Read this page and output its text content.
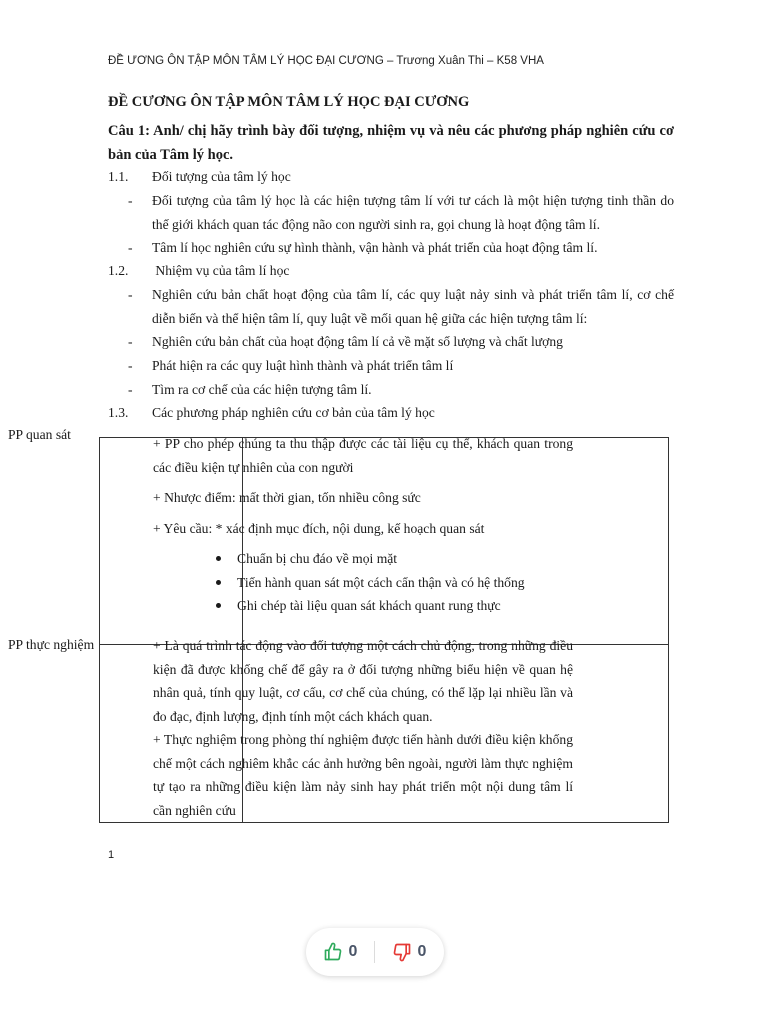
ĐỀ ƯƠNG ÔN TẬP MÔN TÂM LÝ HỌC ĐẠI CƯƠNG – Trương Xuân Thi – K58 VHA
ĐỀ CƯƠNG ÔN TẬP MÔN TÂM LÝ HỌC ĐẠI CƯƠNG
Câu 1: Anh/ chị hãy trình bày đối tượng, nhiệm vụ và nêu các phương pháp nghiên cứu cơ bản của Tâm lý học.
1.1. Đối tượng của tâm lý học
-	Đối tượng của tâm lý học là các hiện tượng tâm lí với tư cách là một hiện tượng tinh thần do thế giới khách quan tác động não con người sinh ra, gọi chung là hoạt động tâm lí.
-	Tâm lí học nghiên cứu sự hình thành, vận hành và phát triển của hoạt động tâm lí.
1.2. Nhiệm vụ của tâm lí học
-	Nghiên cứu bản chất hoạt động của tâm lí, các quy luật nảy sinh và phát triển tâm lí, cơ chế diễn biến và thể hiện tâm lí, quy luật về mối quan hệ giữa các hiện tượng tâm lí:
-	Nghiên cứu bản chất của hoạt động tâm lí cả về mặt số lượng và chất lượng
-	Phát hiện ra các quy luật hình thành và phát triển tâm lí
-	Tìm ra cơ chế của các hiện tượng tâm lí.
1.3. Các phương pháp nghiên cứu cơ bản của tâm lý học
PP quan sát

+ PP cho phép chúng ta thu thập được các tài liệu cụ thể, khách quan trong các điều kiện tự nhiên của con người

+ Nhược điểm: mất thời gian, tốn nhiều công sức

+ Yêu cầu: * xác định mục đích, nội dung, kế hoạch quan sát

Chuẩn bị chu đáo về mọi mặt
Tiến hành quan sát một cách cẩn thận và có hệ thống
Ghi chép tài liệu quan sát khách quant rung thực
PP thực nghiệm	+ Là quá trình tác động vào đối tượng một cách chủ động, trong những điều kiện đã được khống chế để gây ra ở đối tượng những biểu hiện về quan hệ nhân quả, tính quy luật, cơ cấu, cơ chế của chúng, có thể lặp lại nhiều lần và đo đạc, định lượng, định tính một cách khách quan.

+ Thực nghiệm trong phòng thí nghiệm được tiến hành dưới điều kiện khống chế một cách nghiêm khắc các ảnh hưởng bên ngoài, người làm thực nghiệm tự tạo ra những điều kiện làm nảy sinh hay phát triển một nội dung tâm lí cần nghiên cứu

1
0	0
